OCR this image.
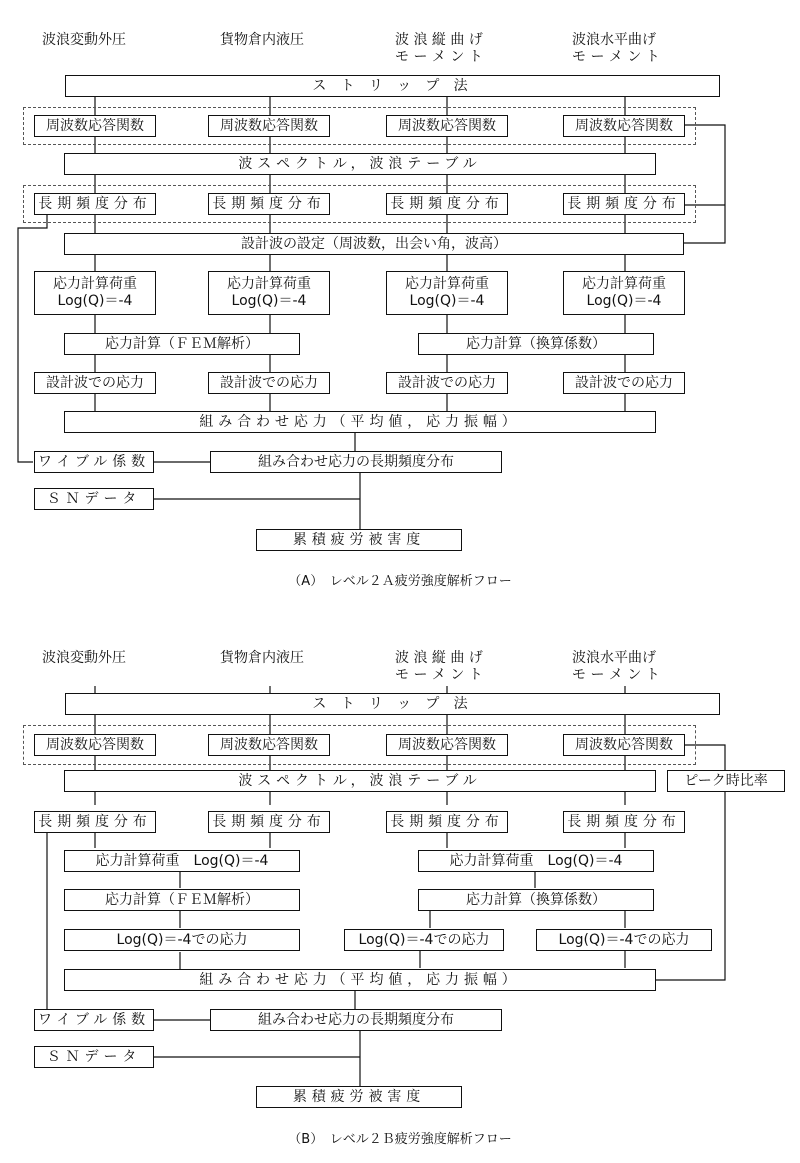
波浪変動外圧	貨物倉内液圧	波 浪 縦 曲 げ
モ ー メ ン ト
波浪水平曲げ
モ ー メ ン ト
ス ト リ ッ プ 法
周波数応答関数	周波数応答関数	周波数応答関数	周波数応答関数
波スペクトル，波浪テーブル
長期頻度分布	長期頻度分布	長期頻度分布	長期頻度分布
設計波の設定（周波数，出会い角，波高）
応力計算荷重
Log(Q)＝-4
応力計算荷重
Log(Q)＝-4
応力計算荷重
Log(Q)＝-4
応力計算荷重
Log(Q)＝-4
応力計算（ＦＥＭ解析）	応力計算（換算係数）
設計波での応力	設計波での応力	設計波での応力	設計波での応力
組み合わせ応力（平均値，応力振幅）
ワイブル係数	組み合わせ応力の長期頻度分布
ＳＮデータ
累積疲労被害度
（A）　レベル２Ａ疲労強度解析フロー
波浪変動外圧	貨物倉内液圧	波 浪 縦 曲 げ
モ ー メ ン ト
波浪水平曲げ
モ ー メ ン ト
ス ト リ ッ プ 法
周波数応答関数	周波数応答関数	周波数応答関数	周波数応答関数
波スペクトル，波浪テーブル	ピーク時比率
長期頻度分布	長期頻度分布	長期頻度分布	長期頻度分布
応力計算荷重　Log(Q)＝-4	応力計算荷重　Log(Q)＝-4
応力計算（ＦＥＭ解析）	応力計算（換算係数）
Log(Q)＝-4での応力	Log(Q)＝-4での応力	Log(Q)＝-4での応力
組み合わせ応力（平均値，応力振幅）
ワイブル係数	組み合わせ応力の長期頻度分布
ＳＮデータ
累積疲労被害度
（B）　レベル２Ｂ疲労強度解析フロー
